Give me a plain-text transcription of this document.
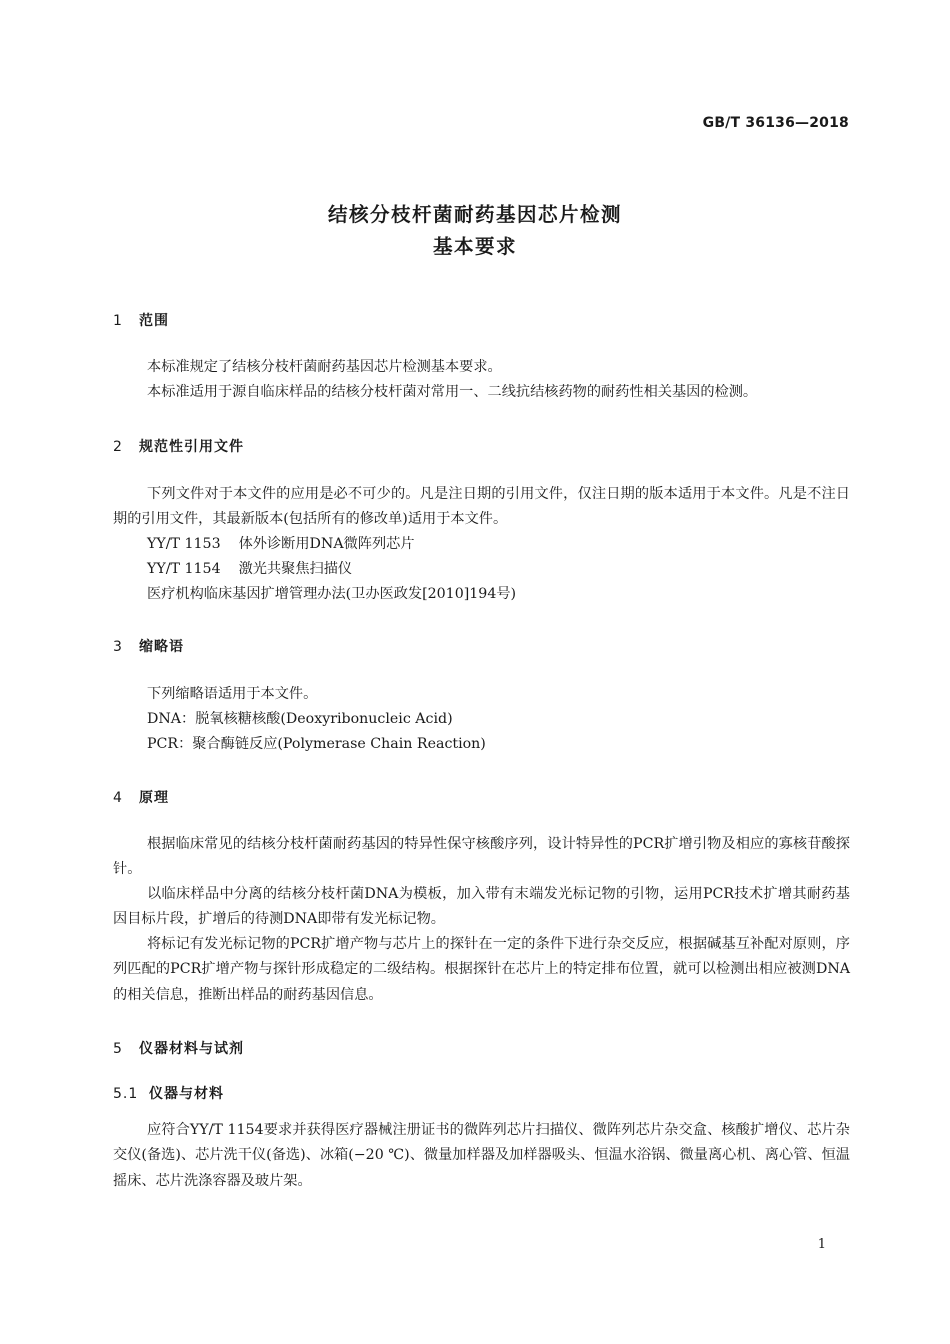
GB/T 36136—2018
结核分枝杆菌耐药基因芯片检测
基本要求
1 范围

本标准规定了结核分枝杆菌耐药基因芯片检测基本要求。

本标准适用于源自临床样品的结核分枝杆菌对常用一、二线抗结核药物的耐药性相关基因的检测。

2 规范性引用文件

下列文件对于本文件的应用是必不可少的。凡是注日期的引用文件，仅注日期的版本适用于本文件。凡是不注日期的引用文件，其最新版本(包括所有的修改单)适用于本文件。

YY/T 1153 体外诊断用DNA微阵列芯片
YY/T 1154 激光共聚焦扫描仪
医疗机构临床基因扩增管理办法(卫办医政发[2010]194号)
3 缩略语
下列缩略语适用于本文件。
DNA：脱氧核糖核酸(Deoxyribonucleic Acid)
PCR：聚合酶链反应(Polymerase Chain Reaction)
4 原理

根据临床常见的结核分枝杆菌耐药基因的特异性保守核酸序列，设计特异性的PCR扩增引物及相应的寡核苷酸探针。

以临床样品中分离的结核分枝杆菌DNA为模板，加入带有末端发光标记物的引物，运用PCR技术扩增其耐药基因目标片段，扩增后的待测DNA即带有发光标记物。

将标记有发光标记物的PCR扩增产物与芯片上的探针在一定的条件下进行杂交反应，根据碱基互补配对原则，序列匹配的PCR扩增产物与探针形成稳定的二级结构。根据探针在芯片上的特定排布位置，就可以检测出相应被测DNA的相关信息，推断出样品的耐药基因信息。

5 仪器材料与试剂
5.1 仪器与材料

应符合YY/T 1154要求并获得医疗器械注册证书的微阵列芯片扫描仪、微阵列芯片杂交盒、核酸扩增仪、芯片杂交仪(备选)、芯片洗干仪(备选)、冰箱(−20 ℃)、微量加样器及加样器吸头、恒温水浴锅、微量离心机、离心管、恒温摇床、芯片洗涤容器及玻片架。

1
